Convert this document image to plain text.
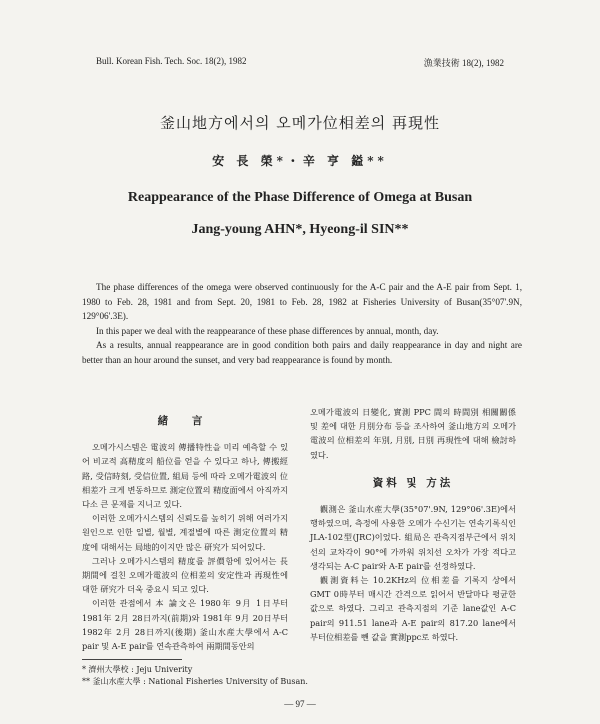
Bull. Korean Fish. Tech. Soc. 18(2), 1982	漁業技術 18(2), 1982
釜山地方에서의 오메가位相差의 再現性
安 長 榮*・辛 亨 鎰**
Reappearance of the Phase Difference of Omega at Busan
Jang-young AHN*, Hyeong-il SIN**

The phase differences of the omega were observed continuously for the A-C pair and the A-E pair from Sept. 1, 1980 to Feb. 28, 1981 and from Sept. 20, 1981 to Feb. 28, 1982 at Fisheries University of Busan(35°07'.9N, 129°06'.3E).

In this paper we deal with the reappearance of these phase differences by annual, month, day.

As a results, annual reappearance are in good condition both pairs and daily reappearance in day and night are better than an hour around the sunset, and very bad reappearance is found by month.

緒 言

오메가시스템은 電波의 傳播特性을 미리 예측할 수 있어 비교적 高精度의 船位를 얻을 수 있다고 하나, 傳搬經路, 受信時刻, 受信位置, 組局 등에 따라 오메가電波의 位相差가 크게 변동하므로 測定位置의 精度面에서 아직까지 다소 큰 문제를 지니고 있다.

이러한 오메가시스템의 신뢰도를 높히기 위해 여러가지 원인으로 인한 일별, 월별, 계절별에 따른 測定位置의 精度에 대해서는 局地的이지만 많은 研究가 되어있다.

그러나 오메가시스템의 精度를 評價함에 있어서는 長期間에 걸친 오메가電波의 位相差의 安定性과 再現性에 대한 研究가 더욱 중요시 되고 있다.

이러한 관점에서 本 論文은 1980年 9月 1日부터 1981年 2月 28日까지(前期)와 1981年 9月 20日부터 1982年 2月 28日까지(後期) 釜山水産大學에서 A-C pair 및 A-E pair를 연속관측하여 兩期間동안의

오메가電波의 日變化, 實測 PPC 間의 時間別 相關關係 및 差에 대한 月別分布 등을 조사하여 釜山地方의 오메가電波의 位相差의 年別, 月別, 日別 再現性에 대해 檢討하였다.

資料 및 方法

觀測은 釜山水産大學(35°07'.9N, 129°06'.3E)에서 행하였으며, 측정에 사용한 오메가 수신기는 연속기록식인 JLA-102型(JRC)이었다. 組局은 관측지점부근에서 위치선의 교차각이 90°에 가까워 위치선 오차가 가장 적다고 생각되는 A-C pair와 A-E pair를 선정하였다.

觀測資料는 10.2KHz의 位相差를 기록지 상에서 GMT 0時부터 매시간 간격으로 읽어서 반달마다 평균한 값으로 하였다. 그리고 관측지점의 기준 lane값인 A-C pair의 911.51 lane과 A-E pair의 817.20 lane에서 부터位相差를 뺀 값을 實測ppc로 하였다.

* 濟州大學校 : Jeju Univerity
** 釜山水産大學 : National Fisheries University of Busan.
— 97 —
